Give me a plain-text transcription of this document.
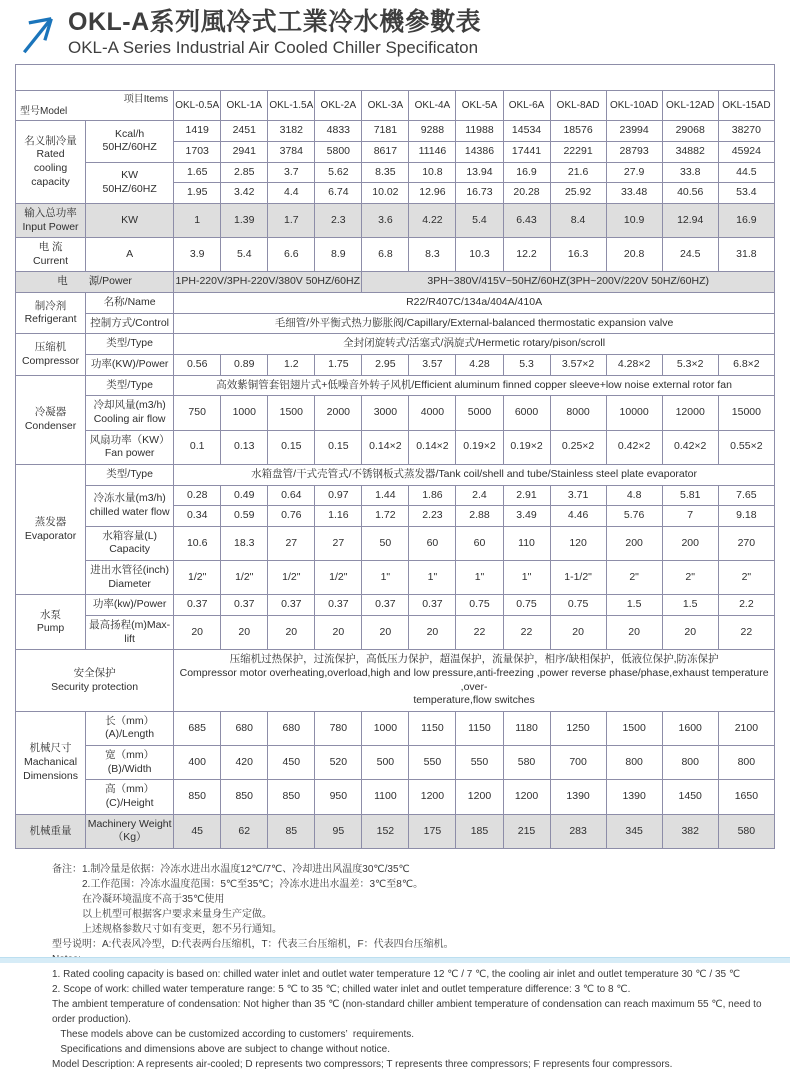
OKL-A系列風冷式工業冷水機參數表
OKL-A Series Industrial Air Cooled Chiller Specificaton
OKL-A系列风冷式工业冷水机参数表													

型号Model
项目Items		OKL-0.5A	OKL-1A	OKL-1.5A	OKL-2A	OKL-3A	OKL-4A	OKL-5A	OKL-6A	OKL-8AD	OKL-10AD	OKL-12AD	OKL-15AD
名义制冷量
Rated
cooling
capacity	Kcal/h
50HZ/60HZ	1419	2451	3182	4833	7181	9288	11988	14534	18576	23994	29068	38270
		1703	2941	3784	5800	8617	11146	14386	17441	22291	28793	34882	45924
	KW
50HZ/60HZ	1.65	2.85	3.7	5.62	8.35	10.8	13.94	16.9	21.6	27.9	33.8	44.5
		1.95	3.42	4.4	6.74	10.02	12.96	16.73	20.28	25.92	33.48	40.56	53.4
输入总功率
Input Power	KW	1	1.39	1.7	2.3	3.6	4.22	5.4	6.43	8.4	10.9	12.94	16.9
电 流
Current	A	3.9	5.4	6.6	8.9	6.8	8.3	10.3	12.2	16.3	20.8	24.5	31.8
电　　源/Power		1PH-220V/3PH-220V/380V 50HZ/60HZ				3PH~380V/415V~50HZ/60HZ(3PH~200V/220V 50HZ/60HZ)							
制冷剂
Refrigerant	名称/Name	R22/R407C/134a/404A/410A											
	控制方式/Control	毛细管/外平衡式热力膨胀阀/Capillary/External-balanced thermostatic expansion valve											
压缩机
Compressor	类型/Type	全封闭旋转式/活塞式/涡旋式/Hermetic rotary/pison/scroll											
	功率(KW)/Power	0.56	0.89	1.2	1.75	2.95	3.57	4.28	5.3	3.57×2	4.28×2	5.3×2	6.8×2
冷凝器
Condenser	类型/Type	高效紫铜管套铝翅片式+低噪音外转子风机/Efficient aluminum finned copper sleeve+low noise external rotor fan											
	冷却风量(m3/h)
Cooling air flow	750	1000	1500	2000	3000	4000	5000	6000	8000	10000	12000	15000
	风扇功率（KW）
Fan power	0.1	0.13	0.15	0.15	0.14×2	0.14×2	0.19×2	0.19×2	0.25×2	0.42×2	0.42×2	0.55×2
蒸发器
Evaporator	类型/Type	水箱盘管/干式壳管式/不锈钢板式蒸发器/Tank coil/shell and tube/Stainless steel plate evaporator											
	冷冻水量(m3/h)
chilled water flow	0.28	0.49	0.64	0.97	1.44	1.86	2.4	2.91	3.71	4.8	5.81	7.65
		0.34	0.59	0.76	1.16	1.72	2.23	2.88	3.49	4.46	5.76	7	9.18
	水箱容量(L)
Capacity	10.6	18.3	27	27	50	60	60	110	120	200	200	270
	进出水管径(inch)
Diameter	1/2"	1/2"	1/2"	1/2"	1"	1"	1"	1"	1-1/2"	2"	2"	2"
水泵
Pump	功率(kw)/Power	0.37	0.37	0.37	0.37	0.37	0.37	0.75	0.75	0.75	1.5	1.5	2.2
	最高扬程(m)Max-lift	20	20	20	20	20	20	22	22	20	20	20	22
安全保护
Security protection		压缩机过热保护，过流保护，高低压力保护，超温保护，流量保护，相序/缺相保护，低液位保护,防冻保护
Compressor motor overheating,overload,high and low pressure,anti-freezing ,power reverse phase/phase,exhaust temperature ,over-
temperature,flow switches											
机械尺寸
Machanical
Dimensions	长（mm）(A)/Length	685	680	680	780	1000	1150	1150	1180	1250	1500	1600	2100
	宽（mm）(B)/Width	400	420	450	520	500	550	550	580	700	800	800	800
	高（mm）(C)/Height	850	850	850	950	1100	1200	1200	1200	1390	1390	1450	1650
机械重量	Machinery Weight
（Kg）	45	62	85	95	152	175	185	215	283	345	382	580
备注：1.制冷量是依据：冷冻水进出水温度12℃/7℃、冷却进出风温度30℃/35℃
　　　2.工作范围：冷冻水温度范围：5℃至35℃；冷冻水进出水温差：3℃至8℃。
　　　在冷凝环境温度不高于35℃使用
　　　以上机型可根据客户要求来量身生产定做。
　　　上述规格参数尺寸如有变更，恕不另行通知。
型号说明：A:代表风冷型，D:代表两台压缩机，T：代表三台压缩机，F：代表四台压缩机。
1. Rated cooling capacity is based on: chilled water inlet and outlet water temperature 12 ℃ / 7 ℃, the cooling air inlet and outlet temperature 30 ℃ / 35 ℃
2. Scope of work: chilled water temperature range: 5 ℃ to 35 ℃; chilled water inlet and outlet temperature difference: 3 ℃ to 8 ℃.
The ambient temperature of condensation: Not higher than 35 ℃ (non-standard chiller ambient temperature of condensation can reach maximum 55 ℃, need to order production).
These models above can be customized according to customers’  requirements.
Specifications and dimensions above are subject to change without notice.
Model Description: A represents air-cooled; D represents two compressors; T represents three compressors; F represents four compressors.
